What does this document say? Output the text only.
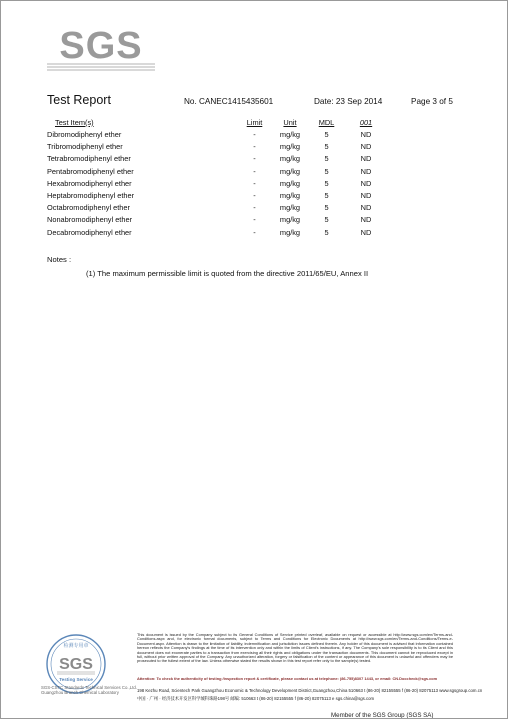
SGS
Test Report	No. CANEC1415435601	Date: 23 Sep 2014	Page 3 of 5
Test Item(s)	Limit	Unit	MDL	001
Dibromodiphenyl ether	-	mg/kg	5	ND
Tribromodiphenyl ether	-	mg/kg	5	ND
Tetrabromodiphenyl ether	-	mg/kg	5	ND
Pentabromodiphenyl ether	-	mg/kg	5	ND
Hexabromodiphenyl ether	-	mg/kg	5	ND
Heptabromodiphenyl ether	-	mg/kg	5	ND
Octabromodiphenyl ether	-	mg/kg	5	ND
Nonabromodiphenyl ether	-	mg/kg	5	ND
Decabromodiphenyl ether	-	mg/kg	5	ND
Notes :
(1) The maximum permissible limit is quoted from the directive 2011/65/EU, Annex II
检测专用章
SGS
Testing Service
SGS-CSTC Standards Technical Services Co.,Ltd.
Guangzhou Branch Chemical Laboratory
This document is issued by the Company subject to its General Conditions of Service printed overleaf, available on request or accessible at http://www.sgs.com/en/Terms-and-Conditions.aspx and, for electronic format documents, subject to Terms and Conditions for Electronic Documents at http://www.sgs.com/en/Terms-and-Conditions/Terms-e-Document.aspx. Attention is drawn to the limitation of liability, indemnification and jurisdiction issues defined therein. Any holder of this document is advised that information contained hereon reflects the Company's findings at the time of its intervention only and within the limits of Client's instructions, if any. The Company's sole responsibility is to its Client and this document does not exonerate parties to a transaction from exercising all their rights and obligations under the transaction documents. This document cannot be reproduced except in full, without prior written approval of the Company. Any unauthorized alteration, forgery or falsification of the content or appearance of this document is unlawful and offenders may be prosecuted to the fullest extent of the law. Unless otherwise stated the results shown in this test report refer only to the sample(s) tested.
Attention: To check the authenticity of testing /inspection report & certificate, please contact us at telephone: (86-755)8307 1443, or email: CN.Doccheck@sgs.com
198 Kezhu Road, Scientech Park Guangzhou Economic & Technology Development District,Guangzhou,China 510663 t (86-20) 82155555 f (86-20) 82075113 www.sgsgroup.com.cn
中国 · 广州 · 经济技术开发区科学城科珠路198号 邮编: 510663 t (86-20) 82155555 f (86-20) 82075113 e sgs.china@sgs.com
Member of the SGS Group (SGS SA)
